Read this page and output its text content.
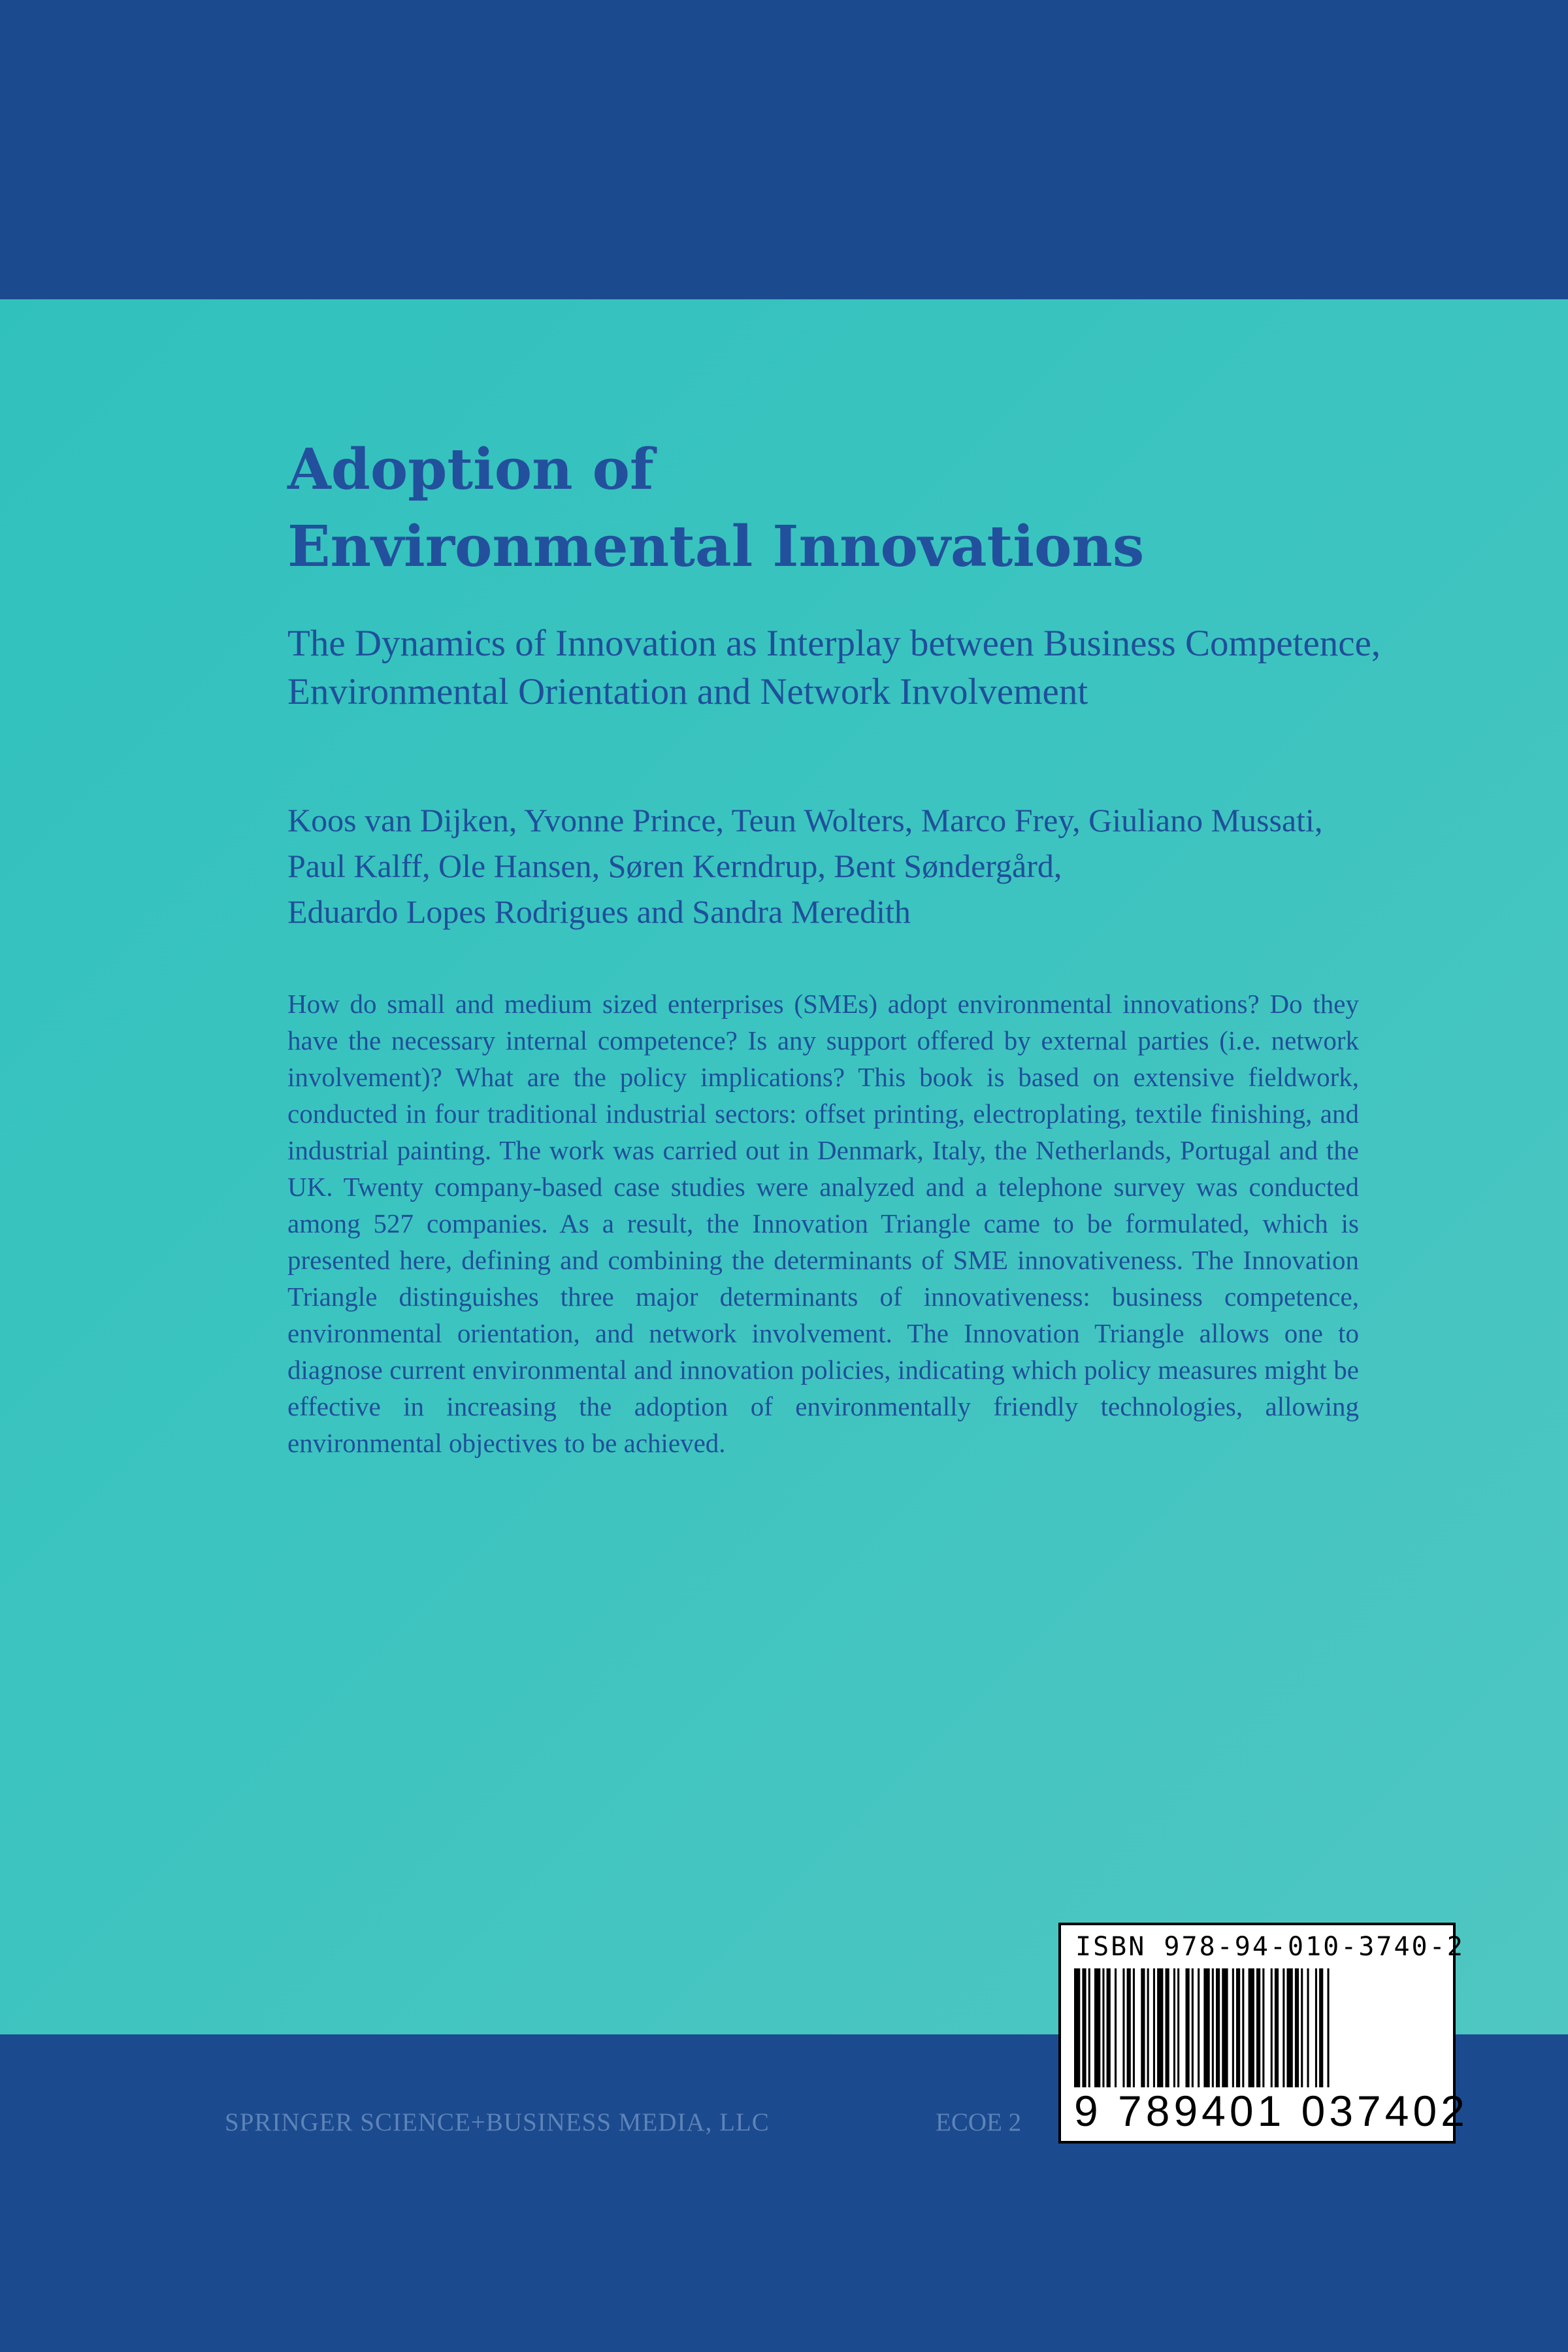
Adoption of
Environmental Innovations

The Dynamics of Innovation as Interplay between Business Competence, Environmental Orientation and Network Involvement

Koos van Dijken, Yvonne Prince, Teun Wolters, Marco Frey, Giuliano Mussati,
Paul Kalff, Ole Hansen, Søren Kerndrup, Bent Søndergård,
Eduardo Lopes Rodrigues and Sandra Meredith

How do small and medium sized enterprises (SMEs) adopt environmental innovations? Do they have the necessary internal competence? Is any support offered by external parties (i.e. network involvement)? What are the policy implications? This book is based on extensive fieldwork, conducted in four traditional industrial sectors: offset printing, electroplating, textile finishing, and industrial painting. The work was carried out in Denmark, Italy, the Netherlands, Portugal and the UK. Twenty company-based case studies were analyzed and a telephone survey was conducted among 527 companies. As a result, the Innovation Triangle came to be formulated, which is presented here, defining and combining the determinants of SME innovativeness. The Innovation Triangle distinguishes three major determinants of innovativeness: business competence, environmental orientation, and network involvement. The Innovation Triangle allows one to diagnose current environmental and innovation policies, indicating which policy measures might be effective in increasing the adoption of environmentally friendly technologies, allowing environmental objectives to be achieved.

SPRINGER SCIENCE+BUSINESS MEDIA, LLC	ECOE 2
ISBN 978-94-010-3740-2
9 789401 037402
